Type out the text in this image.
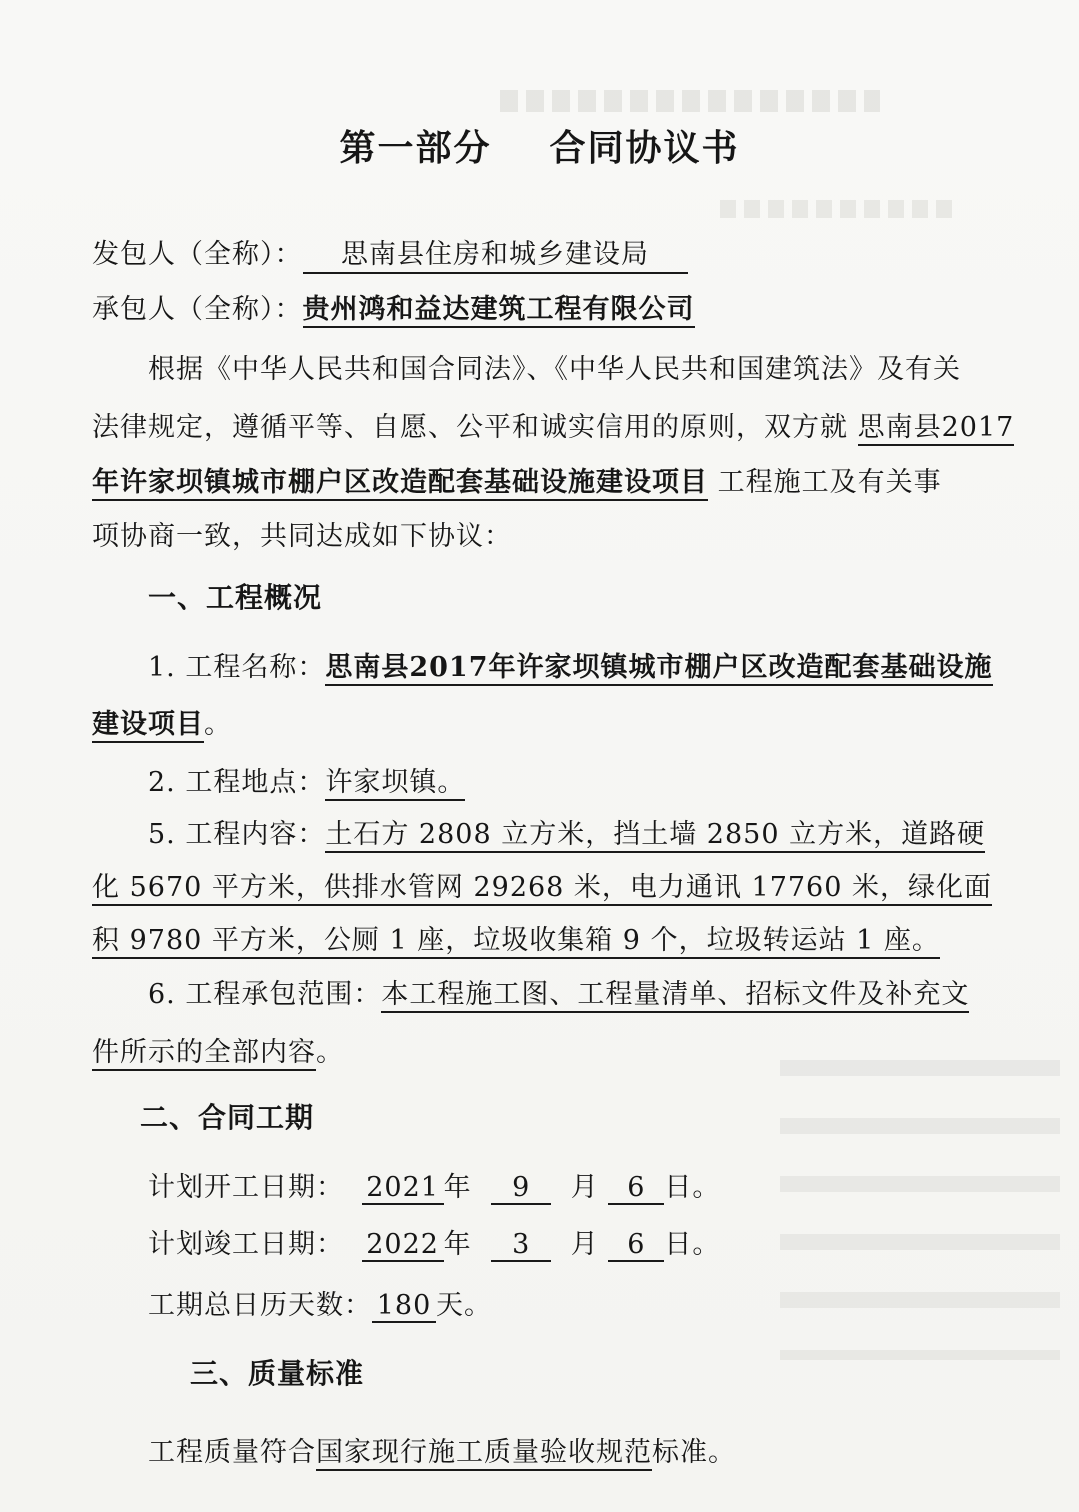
第一部分 合同协议书
发包人（全称）： 思南县住房和城乡建设局
承包人（全称）：贵州鸿和益达建筑工程有限公司
根据《中华人民共和国合同法》、《中华人民共和国建筑法》及有关
法律规定，遵循平等、自愿、公平和诚实信用的原则，双方就 思南县2017
年许家坝镇城市棚户区改造配套基础设施建设项目 工程施工及有关事
项协商一致，共同达成如下协议：
一、工程概况
1. 工程名称：思南县2017年许家坝镇城市棚户区改造配套基础设施
建设项目。
2. 工程地点：许家坝镇。
5. 工程内容：土石方 2808 立方米，挡土墙 2850 立方米，道路硬
化 5670 平方米，供排水管网 29268 米，电力通讯 17760 米，绿化面
积 9780 平方米，公厕 1 座，垃圾收集箱 9 个，垃圾转运站 1 座。
6. 工程承包范围：本工程施工图、工程量清单、招标文件及补充文
件所示的全部内容。
二、合同工期
计划开工日期： 2021 年 9 月 6 日。
计划竣工日期： 2022 年 3 月 6 日。
工期总日历天数： 180 天。
三、质量标准
工程质量符合国家现行施工质量验收规范标准。
